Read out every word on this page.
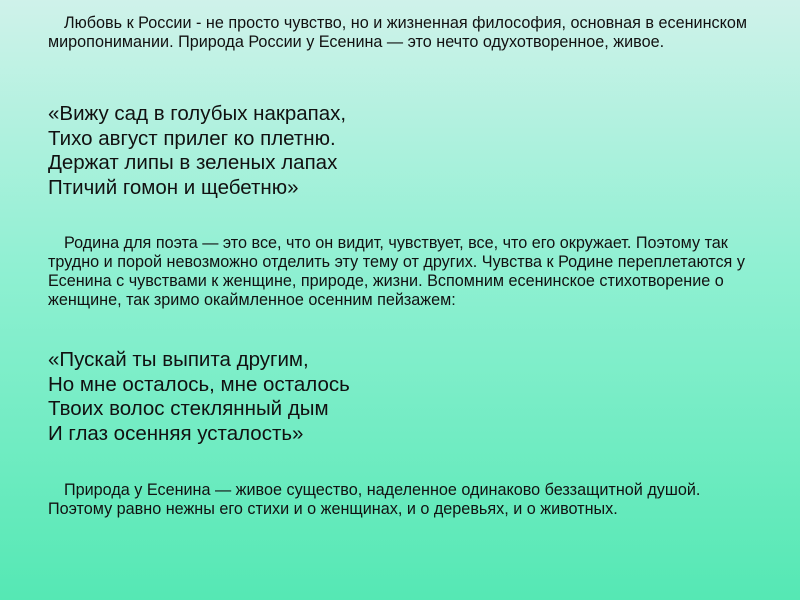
Любовь к России - не просто чувство, но и жизненная философия, основная в есенинском миропонимании. Природа России у Есенина — это нечто одухотворенное, живое.

«Вижу сад в голубых накрапах,
Тихо август прилег ко плетню.
Держат липы в зеленых лапах
Птичий гомон и щебетню»

Родина для поэта — это все, что он видит, чувствует, все, что его окружает. Поэтому так трудно и порой невозможно отделить эту тему от других. Чувства к Родине переплетаются у Есенина с чувствами к женщине, природе, жизни. Вспомним есенинское стихотворение о женщине, так зримо окаймленное осенним пейзажем:

«Пускай ты выпита другим,
Но мне осталось, мне осталось
Твоих волос стеклянный дым
И глаз осенняя усталость»

Природа у Есенина — живое существо, наделенное одинаково беззащитной душой. Поэтому равно нежны его стихи и о женщинах, и о деревьях, и о животных.
